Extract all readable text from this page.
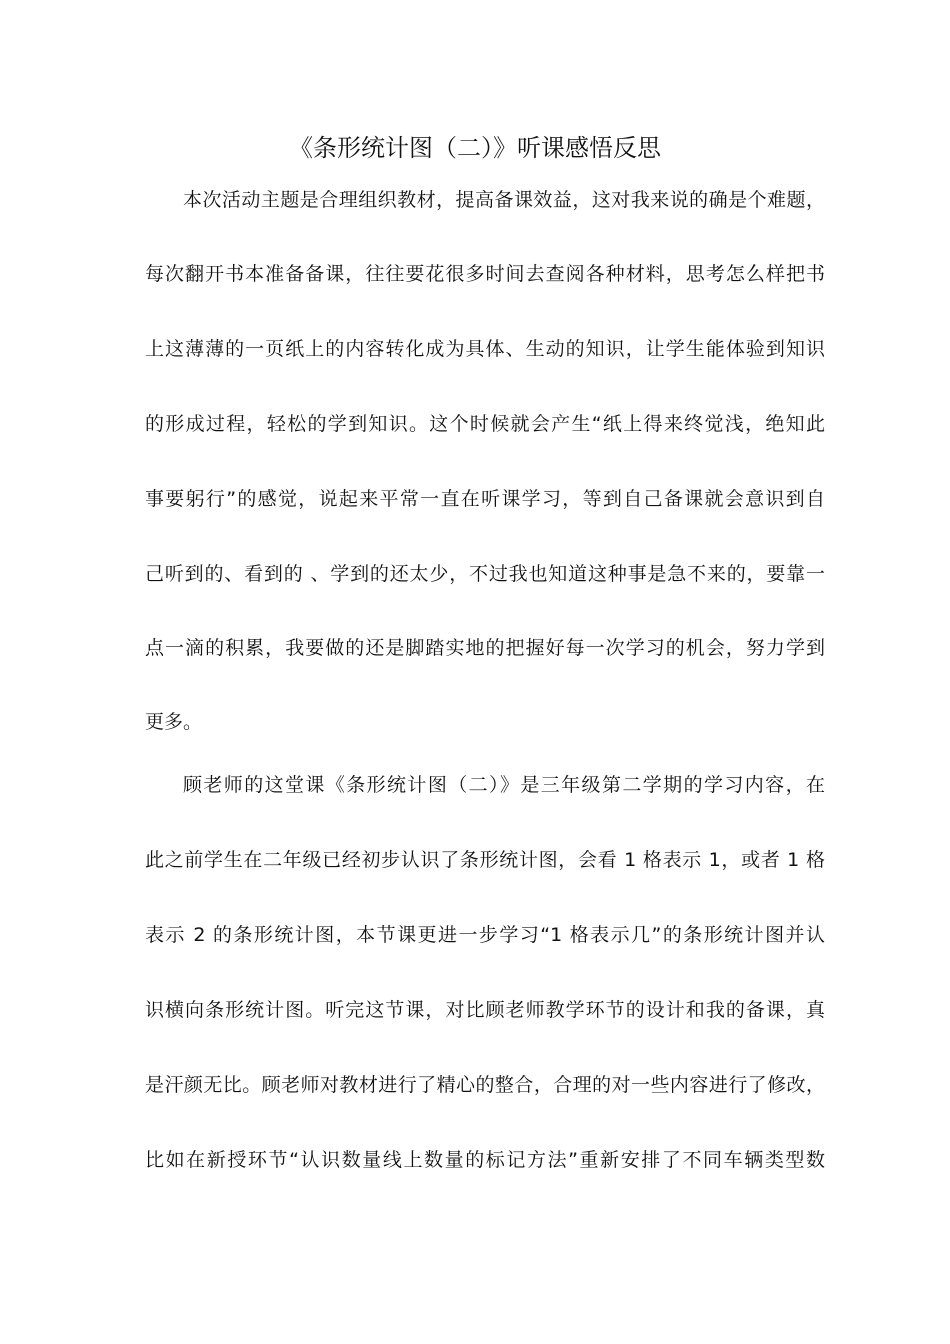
《条形统计图（二）》听课感悟反思
本次活动主题是合理组织教材，提高备课效益，这对我来说的确是个难题，
每次翻开书本准备备课，往往要花很多时间去查阅各种材料，思考怎么样把书
上这薄薄的一页纸上的内容转化成为具体、生动的知识，让学生能体验到知识
的形成过程，轻松的学到知识。这个时候就会产生“纸上得来终觉浅，绝知此
事要躬行”的感觉，说起来平常一直在听课学习，等到自己备课就会意识到自
己听到的、看到的 、学到的还太少，不过我也知道这种事是急不来的，要靠一
点一滴的积累，我要做的还是脚踏实地的把握好每一次学习的机会，努力学到
更多。
顾老师的这堂课《条形统计图（二）》是三年级第二学期的学习内容，在
此之前学生在二年级已经初步认识了条形统计图，会看 1 格表示 1，或者 1 格
表示 2 的条形统计图，本节课更进一步学习“1 格表示几”的条形统计图并认
识横向条形统计图。听完这节课，对比顾老师教学环节的设计和我的备课，真
是汗颜无比。顾老师对教材进行了精心的整合，合理的对一些内容进行了修改，
比如在新授环节“认识数量线上数量的标记方法”重新安排了不同车辆类型数
